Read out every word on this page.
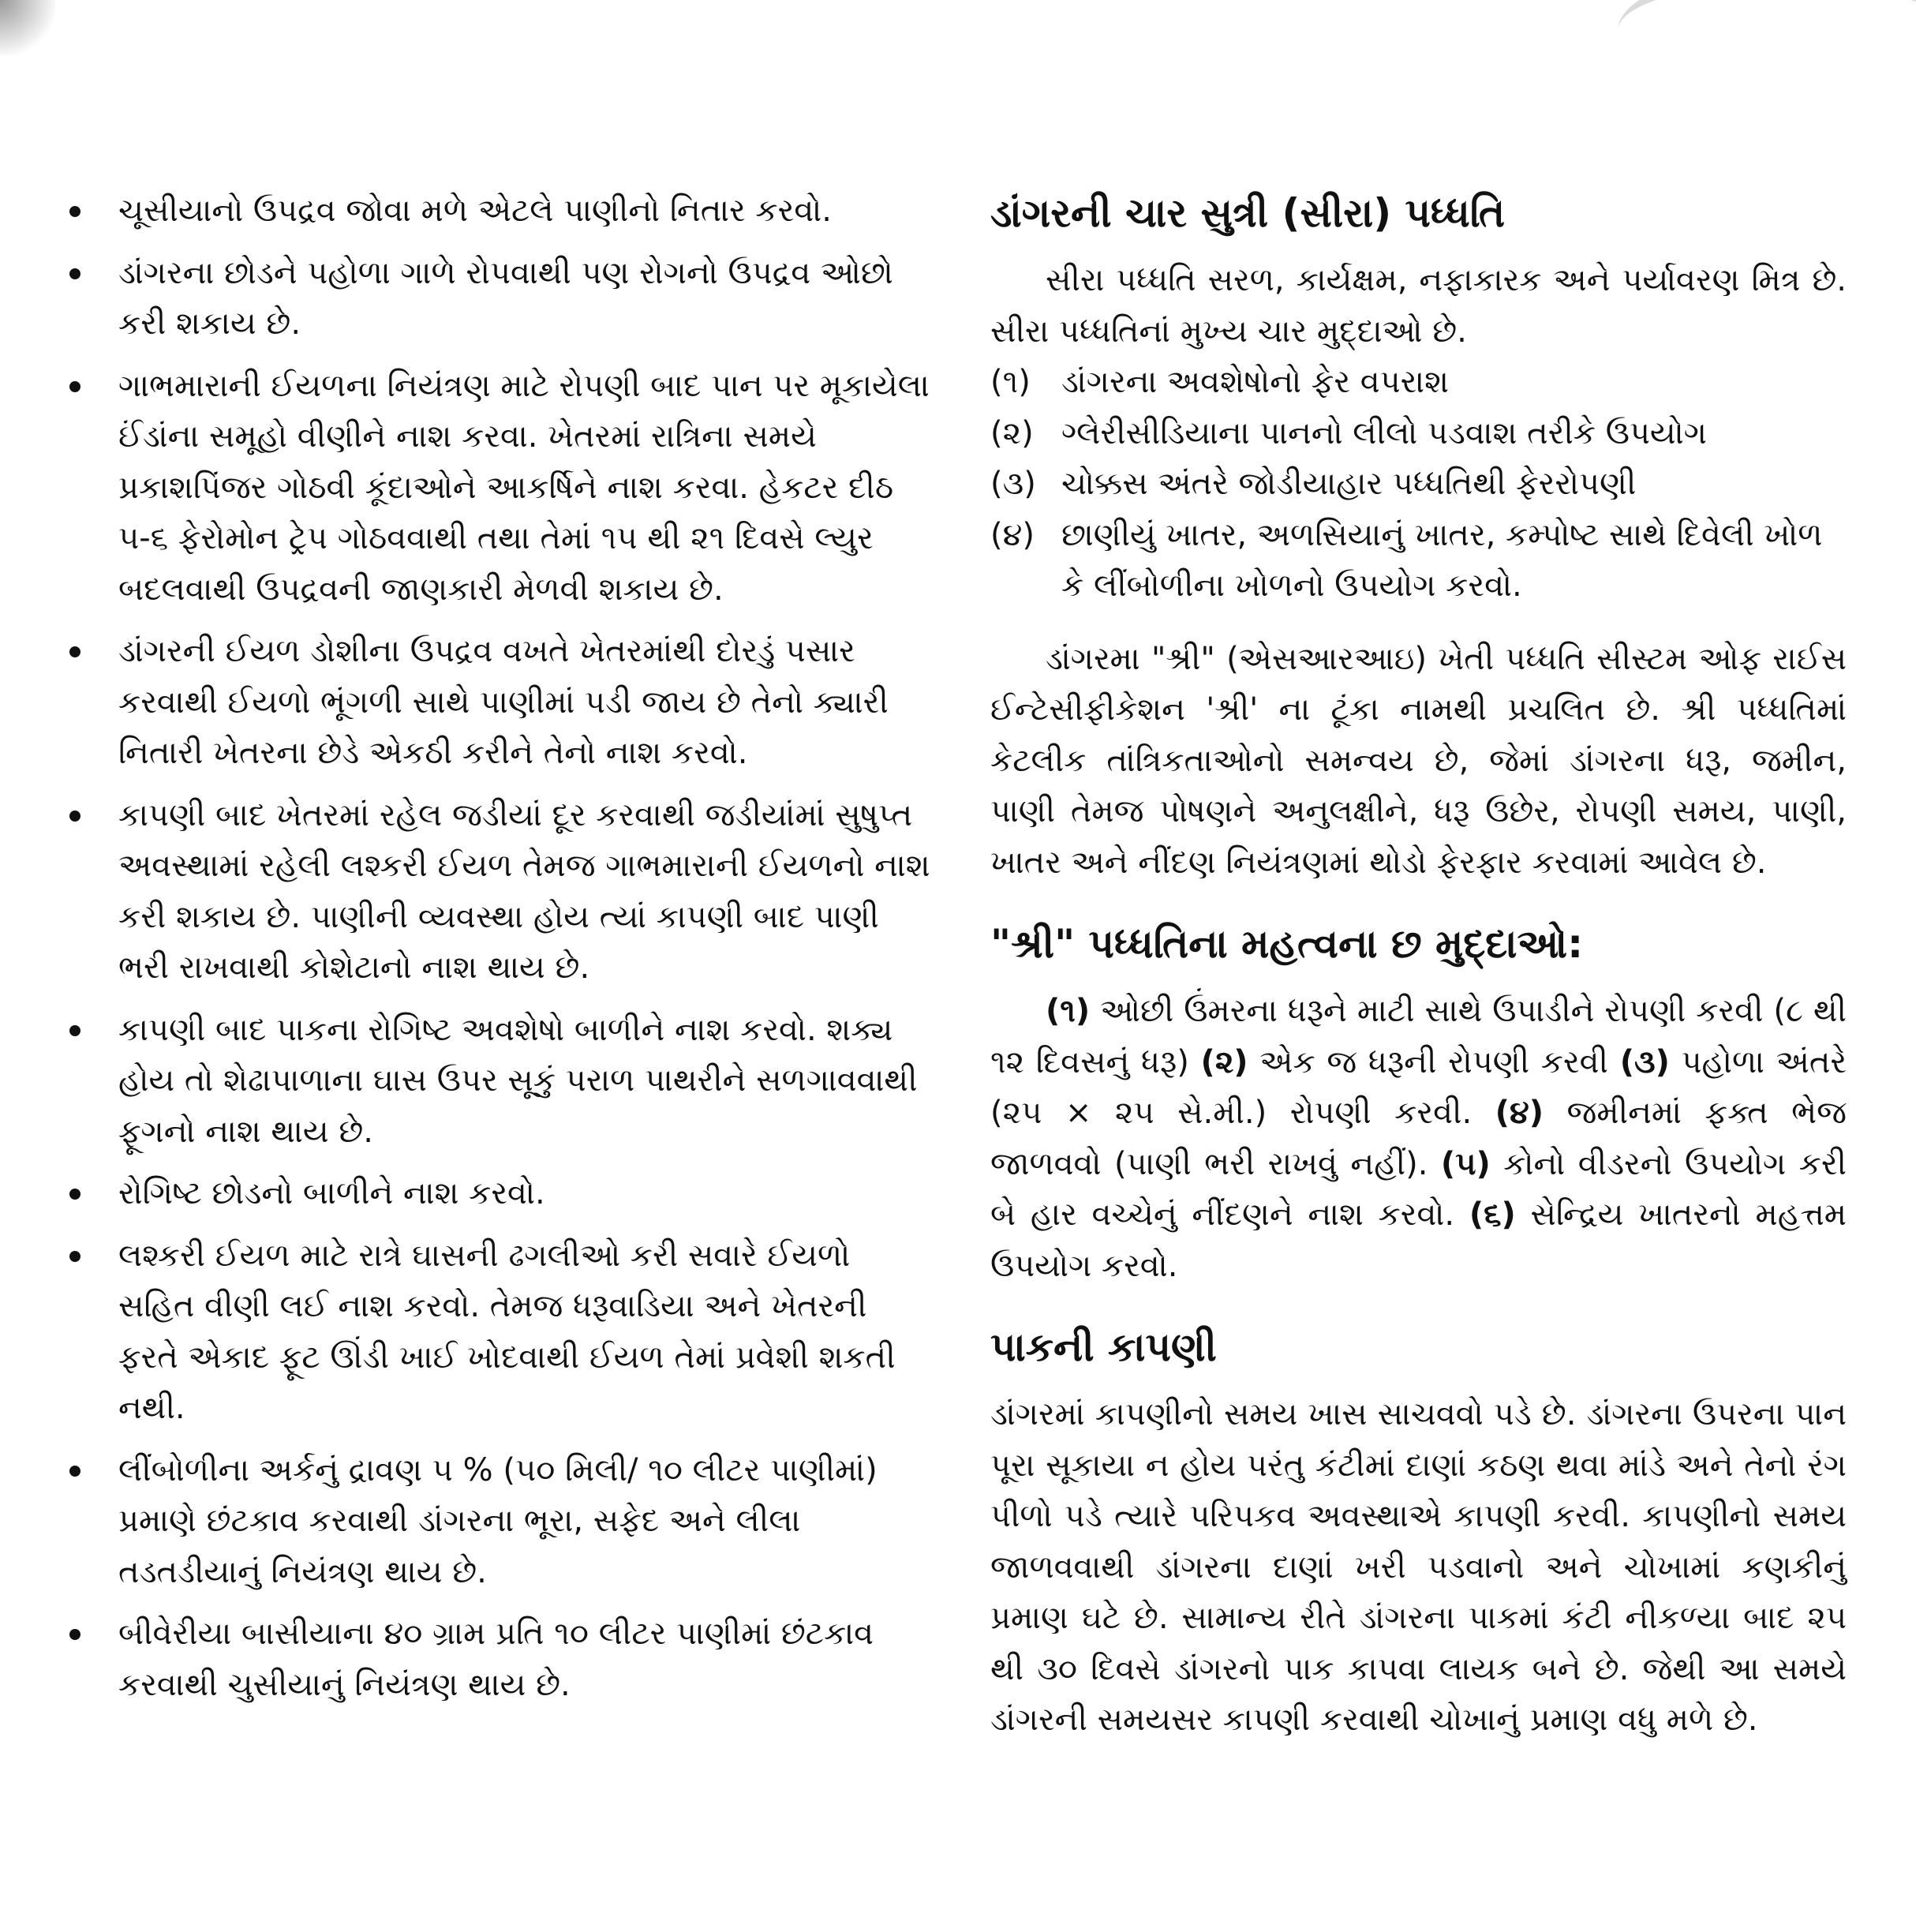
ચૂસીયાનો ઉપદ્રવ જોવા મળે એટલે પાણીનો નિતાર કરવો.
ડાંગરના છોડને પહોળા ગાળે રોપવાથી પણ રોગનો ઉપદ્રવ ઓછો કરી શકાય છે.
ગાભમારાની ઈયળના નિયંત્રણ માટે રોપણી બાદ પાન પર મૂકાયેલા ઈંડાંના સમૂહો વીણીને નાશ કરવા. ખેતરમાં રાત્રિના સમયે પ્રકાશપિંજર ગોઠવી કૂંદાઓને આકર્ષિને નાશ કરવા. હેકટર દીઠ ૫-૬ ફેરોમોન ટ્રેપ ગોઠવવાથી તથા તેમાં ૧૫ થી ૨૧ દિવસે લ્યુર બદલવાથી ઉપદ્રવની જાણકારી મેળવી શકાય છે.
ડાંગરની ઈયળ ડોશીના ઉપદ્રવ વખતે ખેતરમાંથી દોરડું પસાર કરવાથી ઈયળો ભૂંગળી સાથે પાણીમાં પડી જાય છે તેનો ક્યારી નિતારી ખેતરના છેડે એકઠી કરીને તેનો નાશ કરવો.
કાપણી બાદ ખેતરમાં રહેલ જડીયાં દૂર કરવાથી જડીયાંમાં સુષુપ્ત અવસ્થામાં રહેલી લશ્કરી ઈયળ તેમજ ગાભમારાની ઈયળનો નાશ કરી શકાય છે. પાણીની વ્યવસ્થા હોય ત્યાં કાપણી બાદ પાણી ભરી રાખવાથી કોશેટાનો નાશ થાય છે.
કાપણી બાદ પાકના રોગિષ્ટ અવશેષો બાળીને નાશ કરવો. શક્ય હોય તો શેઢાપાળાના ઘાસ ઉપર સૂકું પરાળ પાથરીને સળગાવવાથી ફૂગનો નાશ થાય છે.
રોગિષ્ટ છોડનો બાળીને નાશ કરવો.
લશ્કરી ઈયળ માટે રાત્રે ઘાસની ઢગલીઓ કરી સવારે ઈયળો સહિત વીણી લઈ નાશ કરવો. તેમજ ધરૂવાડિયા અને ખેતરની ફરતે એકાદ ફૂટ ઊંડી ખાઈ ખોદવાથી ઈયળ તેમાં પ્રવેશી શકતી નથી.
લીંબોળીના અર્કનું દ્રાવણ ૫ % (૫૦ મિલી/ ૧૦ લીટર પાણીમાં) પ્રમાણે છંટકાવ કરવાથી ડાંગરના ભૂરા, સફેદ અને લીલા તડતડીયાનું નિયંત્રણ થાય છે.
બીવેરીયા બાસીયાના ૪૦ ગ્રામ પ્રતિ ૧૦ લીટર પાણીમાં છંટકાવ કરવાથી ચુસીયાનું નિયંત્રણ થાય છે.
ડાંગરની ચાર સુત્રી (સીરા) પધ્ધતિ

સીરા પધ્ધતિ સરળ, કાર્યક્ષમ, નફાકારક અને પર્યાવરણ મિત્ર છે. સીરા પધ્ધતિનાં મુખ્ય ચાર મુદ્દાઓ છે.

(૧) ડાંગરના અવશેષોનો ફેર વપરાશ
(૨) ગ્લેરીસીડિયાના પાનનો લીલો પડવાશ તરીકે ઉપયોગ
(૩) ચોક્કસ અંતરે જોડીયાહાર પધ્ધતિથી ફેરરોપણી
(૪) છાણીયું ખાતર, અળસિયાનું ખાતર, કમ્પોષ્ટ સાથે દિવેલી ખોળ કે લીંબોળીના ખોળનો ઉપયોગ કરવો.

ડાંગરમા "શ્રી" (એસઆરઆઇ) ખેતી પધ્ધતિ સીસ્ટમ ઓફ રાઈસ ઈન્ટેસીફીકેશન 'શ્રી' ના ટૂંકા નામથી પ્રચલિત છે. શ્રી પધ્ધતિમાં કેટલીક તાંત્રિકતાઓનો સમન્વય છે, જેમાં ડાંગરના ધરૂ, જમીન, પાણી તેમજ પોષણને અનુલક્ષીને, ધરૂ ઉછેર, રોપણી સમય, પાણી, ખાતર અને નીંદણ નિયંત્રણમાં થોડો ફેરફાર કરવામાં આવેલ છે.

"શ્રી" પધ્ધતિના મહત્વના છ મુદ્દાઓ:

(૧) ઓછી ઉંમરના ધરૂને માટી સાથે ઉપાડીને રોપણી કરવી (૮ થી ૧૨ દિવસનું ધરૂ) (૨) એક જ ધરૂની રોપણી કરવી (૩) પહોળા અંતરે (૨૫ × ૨૫ સે.મી.) રોપણી કરવી. (૪) જમીનમાં ફક્ત ભેજ જાળવવો (પાણી ભરી રાખવું નહીં). (૫) કોનો વીડરનો ઉપયોગ કરી બે હાર વચ્ચેનું નીંદણને નાશ કરવો. (૬) સેન્દ્રિય ખાતરનો મહત્તમ ઉપયોગ કરવો.

પાકની કાપણી

ડાંગરમાં કાપણીનો સમય ખાસ સાચવવો પડે છે. ડાંગરના ઉપરના પાન પૂરા સૂકાયા ન હોય પરંતુ કંટીમાં દાણાં કઠણ થવા માંડે અને તેનો રંગ પીળો પડે ત્યારે પરિપકવ અવસ્થાએ કાપણી કરવી. કાપણીનો સમય જાળવવાથી ડાંગરના દાણાં ખરી પડવાનો અને ચોખામાં કણકીનું પ્રમાણ ઘટે છે. સામાન્ય રીતે ડાંગરના પાકમાં કંટી નીકળ્યા બાદ ૨૫ થી ૩૦ દિવસે ડાંગરનો પાક કાપવા લાયક બને છે. જેથી આ સમયે ડાંગરની સમયસર કાપણી કરવાથી ચોખાનું પ્રમાણ વધુ મળે છે.
